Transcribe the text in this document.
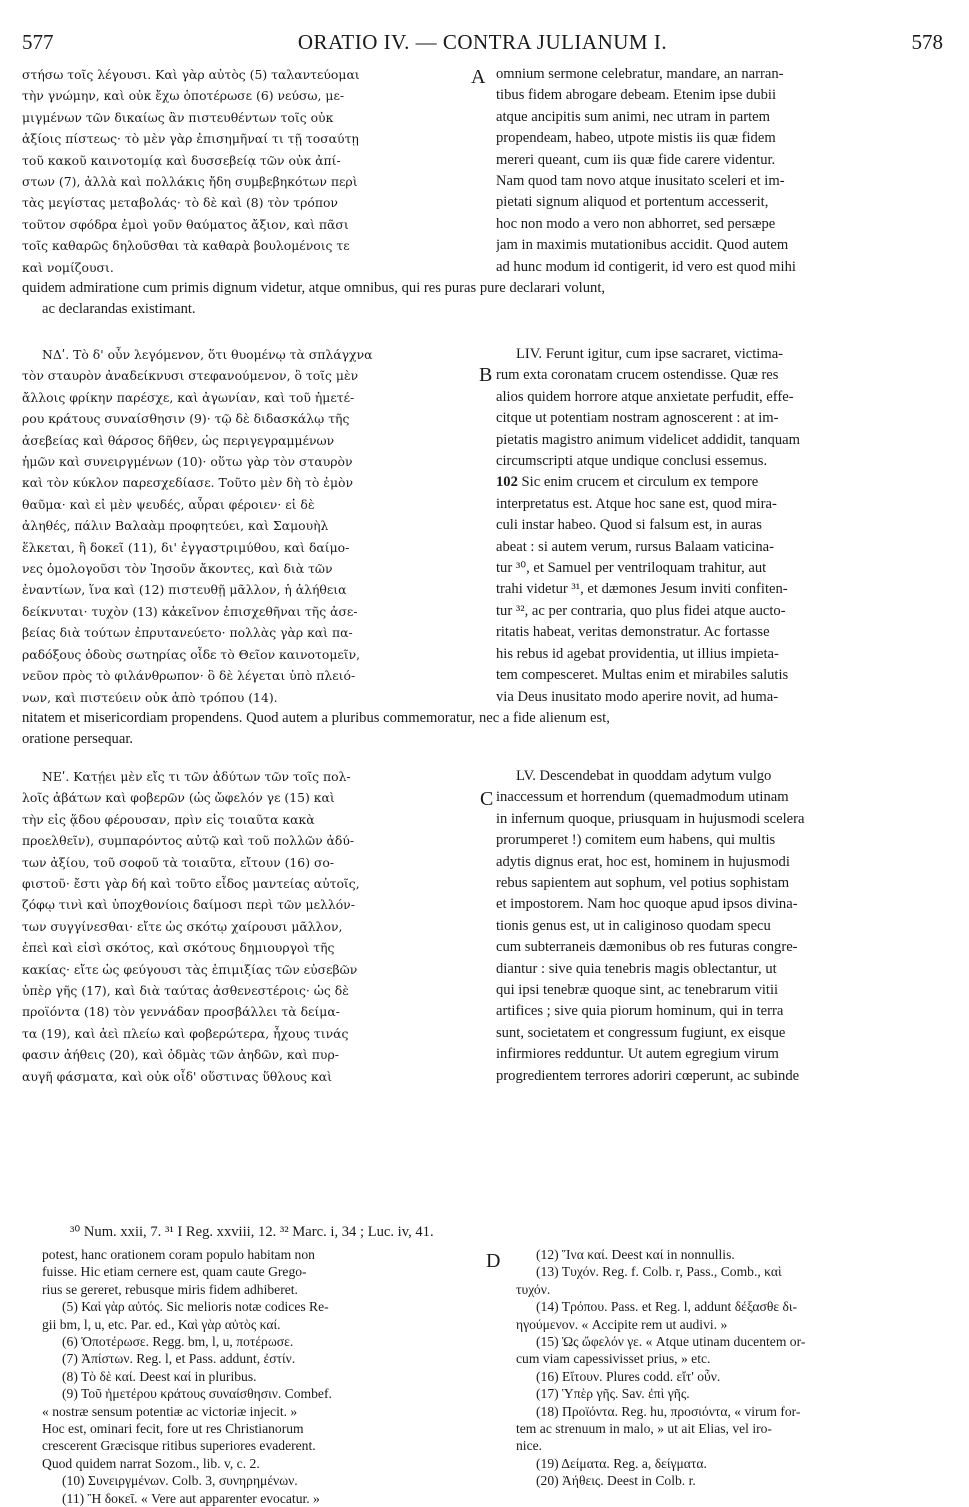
577	ORATIO IV. — CONTRA JULIANUM I.	578
A
B
C
D
στήσω τοῖς λέγουσι. Καὶ γὰρ αὐτὸς (5) ταλαντεύομαι
τὴν γνώμην, καὶ οὐκ ἔχω ὁποτέρωσε (6) νεύσω, με-
μιγμένων τῶν δικαίως ἂν πιστευθέντων τοῖς οὐκ
ἀξίοις πίστεως· τὸ μὲν γὰρ ἐπισημῆναί τι τῇ τοσαύτῃ
τοῦ κακοῦ καινοτομίᾳ καὶ δυσσεβείᾳ τῶν οὐκ ἀπί-
στων (7), ἀλλὰ καὶ πολλάκις ἤδη συμβεβηκότων περὶ
τὰς μεγίστας μεταβολάς· τὸ δὲ καὶ (8) τὸν τρόπον
τοῦτον σφόδρα ἐμοὶ γοῦν θαύματος ἄξιον, καὶ πᾶσι
τοῖς καθαρῶς δηλοῦσθαι τὰ καθαρὰ βουλομένοις τε
καὶ νομίζουσι.
omnium sermone celebratur, mandare, an narran-
tibus fidem abrogare debeam. Etenim ipse dubii
atque ancipitis sum animi, nec utram in partem
propendeam, habeo, utpote mistis iis quæ fidem
mereri queant, cum iis quæ fide carere videntur.
Nam quod tam novo atque inusitato sceleri et im-
pietati signum aliquod et portentum accesserit,
hoc non modo a vero non abhorret, sed persæpe
jam in maximis mutationibus accidit. Quod autem
ad hunc modum id contigerit, id vero est quod mihi
quidem admiratione cum primis dignum videtur, atque omnibus, qui res puras pure declarari volunt,
ac declarandas existimant.
ΝΔʹ. Τὸ δ' οὖν λεγόμενον, ὅτι θυομένῳ τὰ σπλάγχνα
τὸν σταυρὸν ἀναδείκνυσι στεφανούμενον, ὃ τοῖς μὲν
ἄλλοις φρίκην παρέσχε, καὶ ἀγωνίαν, καὶ τοῦ ἡμετέ-
ρου κράτους συναίσθησιν (9)· τῷ δὲ διδασκάλῳ τῆς
ἀσεβείας καὶ θάρσος δῆθεν, ὡς περιγεγραμμένων
ἡμῶν καὶ συνειργμένων (10)· οὕτω γὰρ τὸν σταυρὸν
καὶ τὸν κύκλον παρεσχεδίασε. Τοῦτο μὲν δὴ τὸ ἐμὸν
θαῦμα· καὶ εἰ μὲν ψευδές, αὖραι φέροιεν· εἰ δὲ
ἀληθές, πάλιν Βαλαὰμ προφητεύει, καὶ Σαμουὴλ
ἕλκεται, ἢ δοκεῖ (11), δι' ἐγγαστριμύθου, καὶ δαίμο-
νες ὁμολογοῦσι τὸν Ἰησοῦν ἄκοντες, καὶ διὰ τῶν
ἐναντίων, ἵνα καὶ (12) πιστευθῇ μᾶλλον, ἡ ἀλήθεια
δείκνυται· τυχὸν (13) κἀκεῖνον ἐπισχεθῆναι τῆς ἀσε-
βείας διὰ τούτων ἐπρυτανεύετο· πολλὰς γὰρ καὶ πα-
ραδόξους ὁδοὺς σωτηρίας οἶδε τὸ Θεῖον καινοτομεῖν,
νεῦον πρὸς τὸ φιλάνθρωπον· ὃ δὲ λέγεται ὑπὸ πλειό-
νων, καὶ πιστεύειν οὐκ ἀπὸ τρόπου (14).
LIV. Ferunt igitur, cum ipse sacraret, victima-
rum exta coronatam crucem ostendisse. Quæ res
alios quidem horrore atque anxietate perfudit, effe-
citque ut potentiam nostram agnoscerent : at im-
pietatis magistro animum videlicet addidit, tanquam
circumscripti atque undique conclusi essemus.
102 Sic enim crucem et circulum ex tempore
interpretatus est. Atque hoc sane est, quod mira-
culi instar habeo. Quod si falsum est, in auras
abeat : si autem verum, rursus Balaam vaticina-
tur ³⁰, et Samuel per ventriloquam trahitur, aut
trahi videtur ³¹, et dæmones Jesum inviti confiten-
tur ³², ac per contraria, quo plus fidei atque aucto-
ritatis habeat, veritas demonstratur. Ac fortasse
his rebus id agebat providentia, ut illius impieta-
tem compesceret. Multas enim et mirabiles salutis
via Deus inusitato modo aperire novit, ad huma-
nitatem et misericordiam propendens. Quod autem a pluribus commemoratur, nec a fide alienum est,
oratione persequar.
ΝΕʹ. Κατῄει μὲν εἴς τι τῶν ἀδύτων τῶν τοῖς πολ-
λοῖς ἀβάτων καὶ φοβερῶν (ὡς ὤφελόν γε (15) καὶ
τὴν εἰς ᾅδου φέρουσαν, πρὶν εἰς τοιαῦτα κακὰ
προελθεῖν), συμπαρόντος αὐτῷ καὶ τοῦ πολλῶν ἀδύ-
των ἀξίου, τοῦ σοφοῦ τὰ τοιαῦτα, εἴτουν (16) σο-
φιστοῦ· ἔστι γὰρ δή καὶ τοῦτο εἶδος μαντείας αὐτοῖς,
ζόφῳ τινὶ καὶ ὑποχθονίοις δαίμοσι περὶ τῶν μελλόν-
των συγγίνεσθαι· εἴτε ὡς σκότῳ χαίρουσι μᾶλλον,
ἐπεὶ καὶ εἰσὶ σκότος, καὶ σκότους δημιουργοὶ τῆς
κακίας· εἴτε ὡς φεύγουσι τὰς ἐπιμιξίας τῶν εὐσεβῶν
ὑπὲρ γῆς (17), καὶ διὰ ταύτας ἀσθενεστέροις· ὡς δὲ
προϊόντα (18) τὸν γεννάδαν προσβάλλει τὰ δείμα-
τα (19), καὶ ἀεὶ πλείω καὶ φοβερώτερα, ἦχους τινάς
φασιν ἀήθεις (20), καὶ ὀδμὰς τῶν ἀηδῶν, καὶ πυρ-
αυγῆ φάσματα, καὶ οὐκ οἶδ' οὕστινας ὕθλους καὶ
LV. Descendebat in quoddam adytum vulgo
inaccessum et horrendum (quemadmodum utinam
in infernum quoque, priusquam in hujusmodi scelera
prorumperet !) comitem eum habens, qui multis
adytis dignus erat, hoc est, hominem in hujusmodi
rebus sapientem aut sophum, vel potius sophistam
et impostorem. Nam hoc quoque apud ipsos divina-
tionis genus est, ut in caliginoso quodam specu
cum subterraneis dæmonibus ob res futuras congre-
diantur : sive quia tenebris magis oblectantur, ut
qui ipsi tenebræ quoque sint, ac tenebrarum vitii
artifices ; sive quia piorum hominum, qui in terra
sunt, societatem et congressum fugiunt, ex eisque
infirmiores redduntur. Ut autem egregium virum
progredientem terrores adoriri cœperunt, ac subinde
³⁰ Num. xxii, 7. ³¹ I Reg. xxviii, 12. ³² Marc. i, 34 ; Luc. iv, 41.
potest, hanc orationem coram populo habitam non
fuisse. Hic etiam cernere est, quam caute Grego-
rius se gereret, rebusque miris fidem adhiberet.
(5) Καὶ γὰρ αὐτός. Sic melioris notæ codices Re-
gii bm, l, u, etc. Par. ed., Καὶ γὰρ αὐτὸς καί.
(6) Ὁποτέρωσε. Regg. bm, l, u, ποτέρωσε.
(7) Ἀπίστων. Reg. l, et Pass. addunt, ἐστίν.
(8) Τὸ δὲ καί. Deest καί in pluribus.
(9) Τοῦ ἡμετέρου κράτους συναίσθησιν. Combef.
« nostræ sensum potentiæ ac victoriæ injecit. »
Hoc est, ominari fecit, fore ut res Christianorum
crescerent Græcisque ritibus superiores evaderent.
Quod quidem narrat Sozom., lib. v, c. 2.
(10) Συνειργμένων. Colb. 3, συνηρημένων.
(11) Ἢ δοκεῖ. « Vere aut apparenter evocatur. »
(12) Ἵνα καί. Deest καί in nonnullis.
(13) Τυχόν. Reg. f. Colb. r, Pass., Comb., καὶ
τυχόν.
(14) Τρόπου. Pass. et Reg. l, addunt δέξασθε δι-
ηγούμενον. « Accipite rem ut audivi. »
(15) Ὡς ὤφελόν γε. « Atque utinam ducentem or-
cum viam capessivisset prius, » etc.
(16) Εἴτουν. Plures codd. εἴτ' οὖν.
(17) Ὑπὲρ γῆς. Sav. ἐπὶ γῆς.
(18) Προϊόντα. Reg. hu, προσιόντα, « virum for-
tem ac strenuum in malo, » ut ait Elias, vel iro-
nice.
(19) Δείματα. Reg. a, δείγματα.
(20) Ἀήθεις. Deest in Colb. r.
